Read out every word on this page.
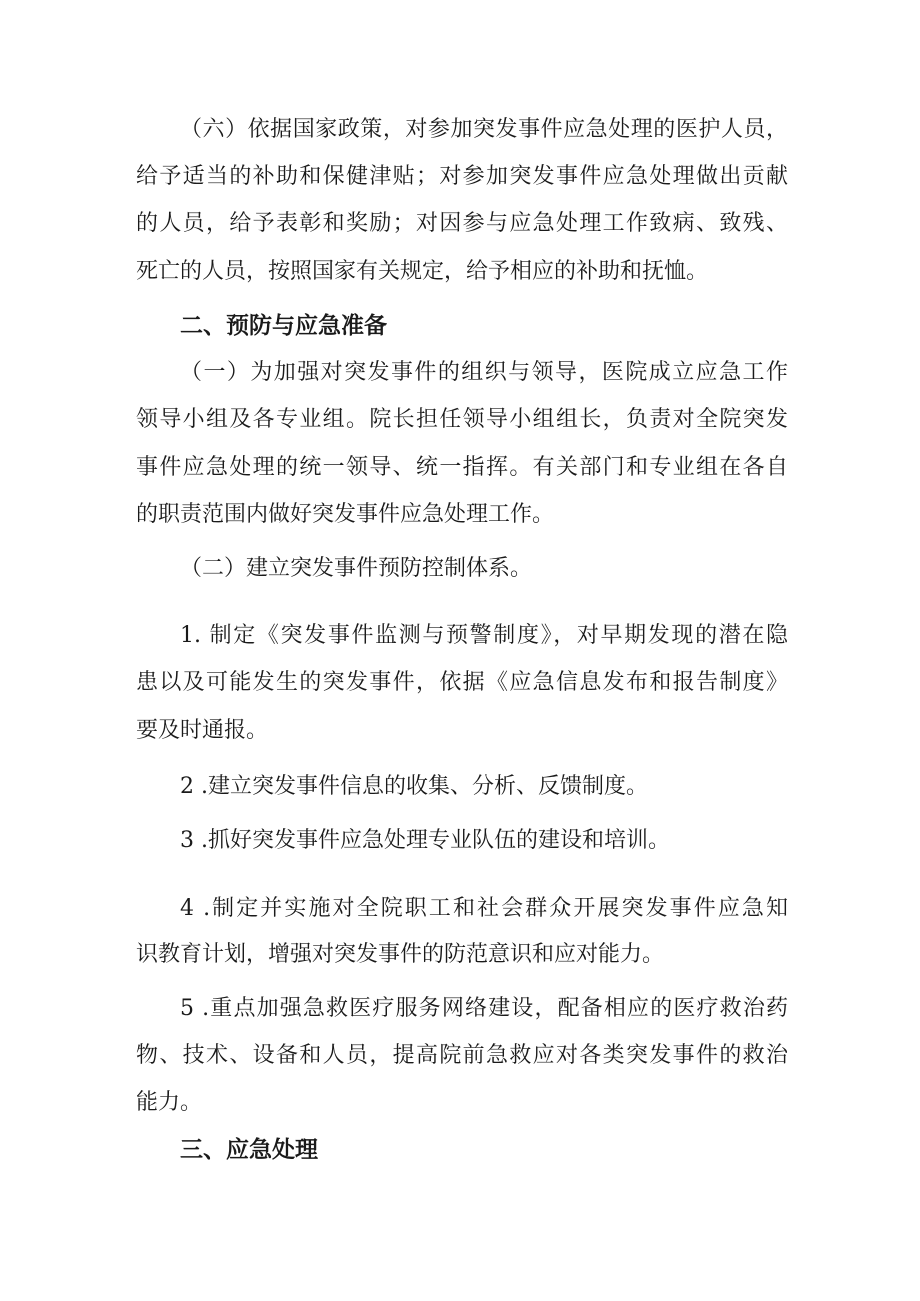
（六）依据国家政策，对参加突发事件应急处理的医护人员，
给予适当的补助和保健津贴；对参加突发事件应急处理做出贡献
的人员，给予表彰和奖励；对因参与应急处理工作致病、致残、
死亡的人员，按照国家有关规定，给予相应的补助和抚恤。
二、预防与应急准备
（一）为加强对突发事件的组织与领导，医院成立应急工作
领导小组及各专业组。院长担任领导小组组长，负责对全院突发
事件应急处理的统一领导、统一指挥。有关部门和专业组在各自
的职责范围内做好突发事件应急处理工作。
（二）建立突发事件预防控制体系。
1. 制定《突发事件监测与预警制度》，对早期发现的潜在隐
患以及可能发生的突发事件，依据《应急信息发布和报告制度》
要及时通报。
2 .建立突发事件信息的收集、分析、反馈制度。
3 .抓好突发事件应急处理专业队伍的建设和培训。
4 .制定并实施对全院职工和社会群众开展突发事件应急知
识教育计划，增强对突发事件的防范意识和应对能力。
5 .重点加强急救医疗服务网络建设，配备相应的医疗救治药
物、技术、设备和人员，提高院前急救应对各类突发事件的救治
能力。
三、应急处理
